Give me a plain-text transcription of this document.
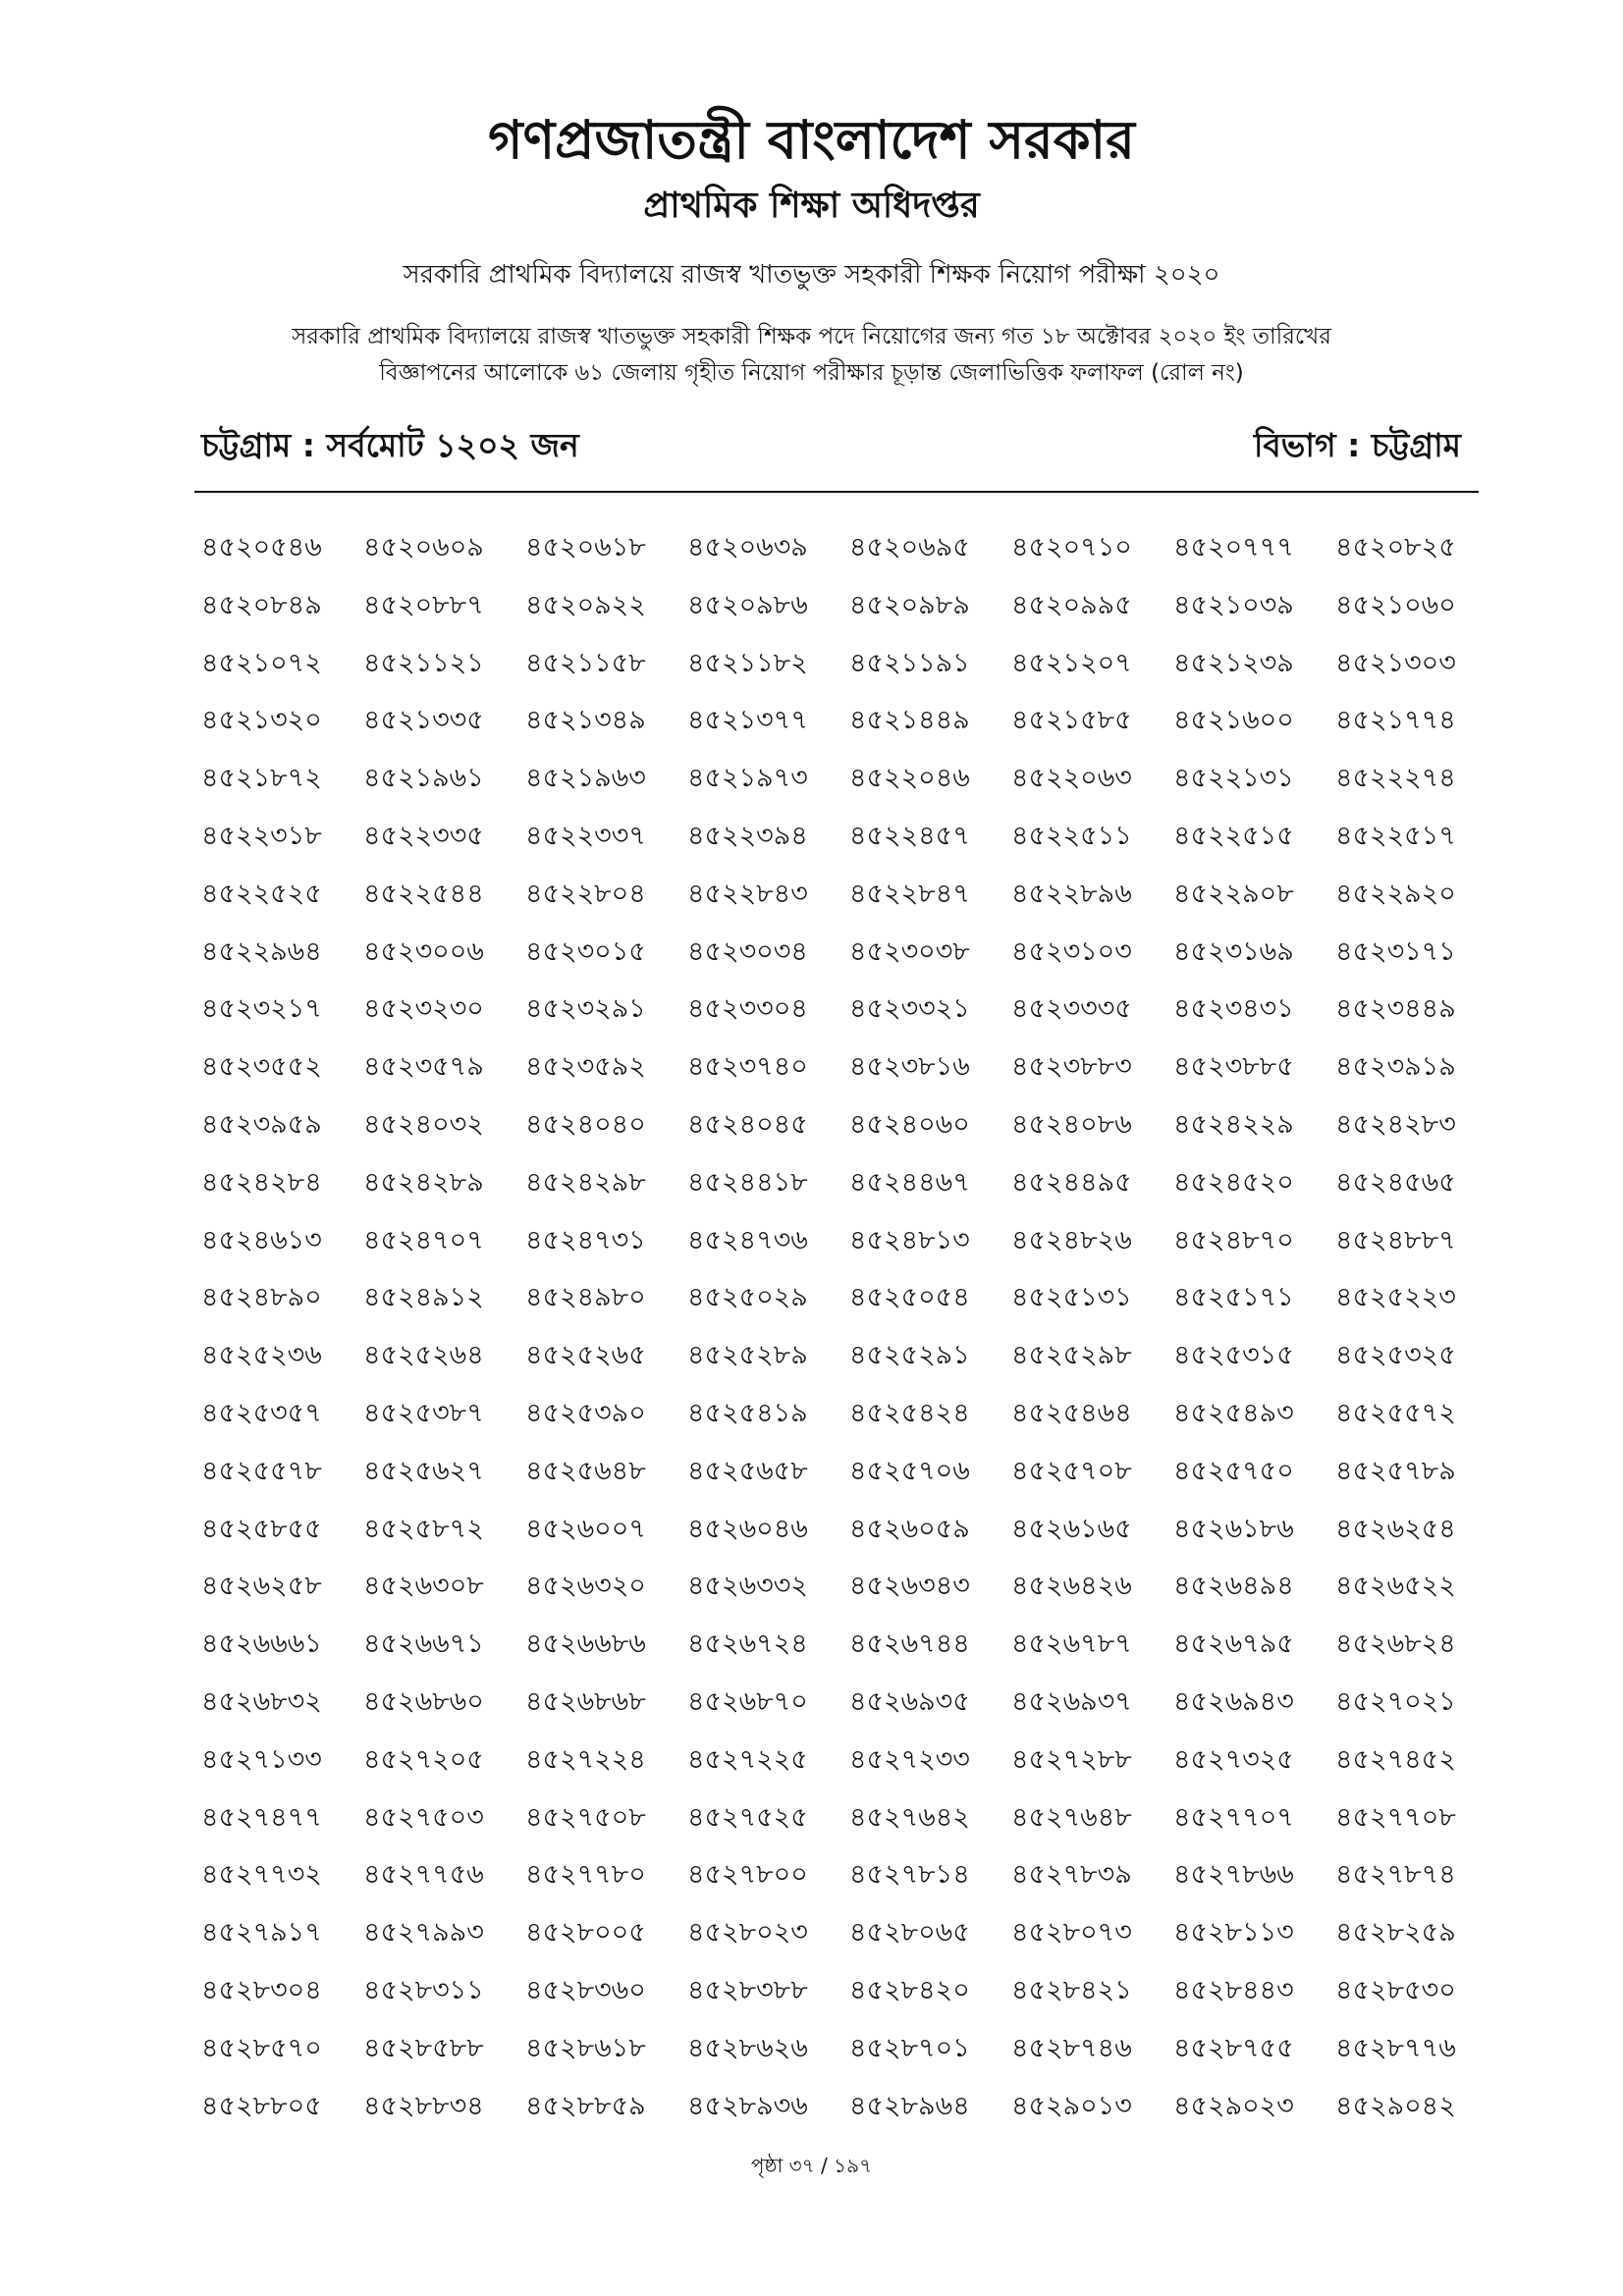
গণপ্রজাতন্ত্রী বাংলাদেশ সরকার
প্রাথমিক শিক্ষা অধিদপ্তর
সরকারি প্রাথমিক বিদ্যালয়ে রাজস্ব খাতভুক্ত সহকারী শিক্ষক নিয়োগ পরীক্ষা ২০২০
সরকারি প্রাথমিক বিদ্যালয়ে রাজস্ব খাতভুক্ত সহকারী শিক্ষক পদে নিয়োগের জন্য গত ১৮ অক্টোবর ২০২০ ইং তারিখের
বিজ্ঞাপনের আলোকে ৬১ জেলায় গৃহীত নিয়োগ পরীক্ষার চূড়ান্ত জেলাভিত্তিক ফলাফল (রোল নং)
চট্টগ্রাম : সর্বমোট ১২০২ জন	বিভাগ : চট্টগ্রাম
৪৫২০৫৪৬	৪৫২০৬০৯	৪৫২০৬১৮	৪৫২০৬৩৯	৪৫২০৬৯৫	৪৫২০৭১০	৪৫২০৭৭৭	৪৫২০৮২৫
৪৫২০৮৪৯	৪৫২০৮৮৭	৪৫২০৯২২	৪৫২০৯৮৬	৪৫২০৯৮৯	৪৫২০৯৯৫	৪৫২১০৩৯	৪৫২১০৬০
৪৫২১০৭২	৪৫২১১২১	৪৫২১১৫৮	৪৫২১১৮২	৪৫২১১৯১	৪৫২১২০৭	৪৫২১২৩৯	৪৫২১৩০৩
৪৫২১৩২০	৪৫২১৩৩৫	৪৫২১৩৪৯	৪৫২১৩৭৭	৪৫২১৪৪৯	৪৫২১৫৮৫	৪৫২১৬০০	৪৫২১৭৭৪
৪৫২১৮৭২	৪৫২১৯৬১	৪৫২১৯৬৩	৪৫২১৯৭৩	৪৫২২০৪৬	৪৫২২০৬৩	৪৫২২১৩১	৪৫২২২৭৪
৪৫২২৩১৮	৪৫২২৩৩৫	৪৫২২৩৩৭	৪৫২২৩৯৪	৪৫২২৪৫৭	৪৫২২৫১১	৪৫২২৫১৫	৪৫২২৫১৭
৪৫২২৫২৫	৪৫২২৫৪৪	৪৫২২৮০৪	৪৫২২৮৪৩	৪৫২২৮৪৭	৪৫২২৮৯৬	৪৫২২৯০৮	৪৫২২৯২০
৪৫২২৯৬৪	৪৫২৩০০৬	৪৫২৩০১৫	৪৫২৩০৩৪	৪৫২৩০৩৮	৪৫২৩১০৩	৪৫২৩১৬৯	৪৫২৩১৭১
৪৫২৩২১৭	৪৫২৩২৩০	৪৫২৩২৯১	৪৫২৩৩০৪	৪৫২৩৩২১	৪৫২৩৩৩৫	৪৫২৩৪৩১	৪৫২৩৪৪৯
৪৫২৩৫৫২	৪৫২৩৫৭৯	৪৫২৩৫৯২	৪৫২৩৭৪০	৪৫২৩৮১৬	৪৫২৩৮৮৩	৪৫২৩৮৮৫	৪৫২৩৯১৯
৪৫২৩৯৫৯	৪৫২৪০৩২	৪৫২৪০৪০	৪৫২৪০৪৫	৪৫২৪০৬০	৪৫২৪০৮৬	৪৫২৪২২৯	৪৫২৪২৮৩
৪৫২৪২৮৪	৪৫২৪২৮৯	৪৫২৪২৯৮	৪৫২৪৪১৮	৪৫২৪৪৬৭	৪৫২৪৪৯৫	৪৫২৪৫২০	৪৫২৪৫৬৫
৪৫২৪৬১৩	৪৫২৪৭০৭	৪৫২৪৭৩১	৪৫২৪৭৩৬	৪৫২৪৮১৩	৪৫২৪৮২৬	৪৫২৪৮৭০	৪৫২৪৮৮৭
৪৫২৪৮৯০	৪৫২৪৯১২	৪৫২৪৯৮০	৪৫২৫০২৯	৪৫২৫০৫৪	৪৫২৫১৩১	৪৫২৫১৭১	৪৫২৫২২৩
৪৫২৫২৩৬	৪৫২৫২৬৪	৪৫২৫২৬৫	৪৫২৫২৮৯	৪৫২৫২৯১	৪৫২৫২৯৮	৪৫২৫৩১৫	৪৫২৫৩২৫
৪৫২৫৩৫৭	৪৫২৫৩৮৭	৪৫২৫৩৯০	৪৫২৫৪১৯	৪৫২৫৪২৪	৪৫২৫৪৬৪	৪৫২৫৪৯৩	৪৫২৫৫৭২
৪৫২৫৫৭৮	৪৫২৫৬২৭	৪৫২৫৬৪৮	৪৫২৫৬৫৮	৪৫২৫৭০৬	৪৫২৫৭০৮	৪৫২৫৭৫০	৪৫২৫৭৮৯
৪৫২৫৮৫৫	৪৫২৫৮৭২	৪৫২৬০০৭	৪৫২৬০৪৬	৪৫২৬০৫৯	৪৫২৬১৬৫	৪৫২৬১৮৬	৪৫২৬২৫৪
৪৫২৬২৫৮	৪৫২৬৩০৮	৪৫২৬৩২০	৪৫২৬৩৩২	৪৫২৬৩৪৩	৪৫২৬৪২৬	৪৫২৬৪৯৪	৪৫২৬৫২২
৪৫২৬৬৬১	৪৫২৬৬৭১	৪৫২৬৬৮৬	৪৫২৬৭২৪	৪৫২৬৭৪৪	৪৫২৬৭৮৭	৪৫২৬৭৯৫	৪৫২৬৮২৪
৪৫২৬৮৩২	৪৫২৬৮৬০	৪৫২৬৮৬৮	৪৫২৬৮৭০	৪৫২৬৯৩৫	৪৫২৬৯৩৭	৪৫২৬৯৪৩	৪৫২৭০২১
৪৫২৭১৩৩	৪৫২৭২০৫	৪৫২৭২২৪	৪৫২৭২২৫	৪৫২৭২৩৩	৪৫২৭২৮৮	৪৫২৭৩২৫	৪৫২৭৪৫২
৪৫২৭৪৭৭	৪৫২৭৫০৩	৪৫২৭৫০৮	৪৫২৭৫২৫	৪৫২৭৬৪২	৪৫২৭৬৪৮	৪৫২৭৭০৭	৪৫২৭৭০৮
৪৫২৭৭৩২	৪৫২৭৭৫৬	৪৫২৭৭৮০	৪৫২৭৮০০	৪৫২৭৮১৪	৪৫২৭৮৩৯	৪৫২৭৮৬৬	৪৫২৭৮৭৪
৪৫২৭৯১৭	৪৫২৭৯৯৩	৪৫২৮০০৫	৪৫২৮০২৩	৪৫২৮০৬৫	৪৫২৮০৭৩	৪৫২৮১১৩	৪৫২৮২৫৯
৪৫২৮৩০৪	৪৫২৮৩১১	৪৫২৮৩৬০	৪৫২৮৩৮৮	৪৫২৮৪২০	৪৫২৮৪২১	৪৫২৮৪৪৩	৪৫২৮৫৩০
৪৫২৮৫৭০	৪৫২৮৫৮৮	৪৫২৮৬১৮	৪৫২৮৬২৬	৪৫২৮৭০১	৪৫২৮৭৪৬	৪৫২৮৭৫৫	৪৫২৮৭৭৬
৪৫২৮৮০৫	৪৫২৮৮৩৪	৪৫২৮৮৫৯	৪৫২৮৯৩৬	৪৫২৮৯৬৪	৪৫২৯০১৩	৪৫২৯০২৩	৪৫২৯০৪২
পৃষ্ঠা ৩৭ / ১৯৭
